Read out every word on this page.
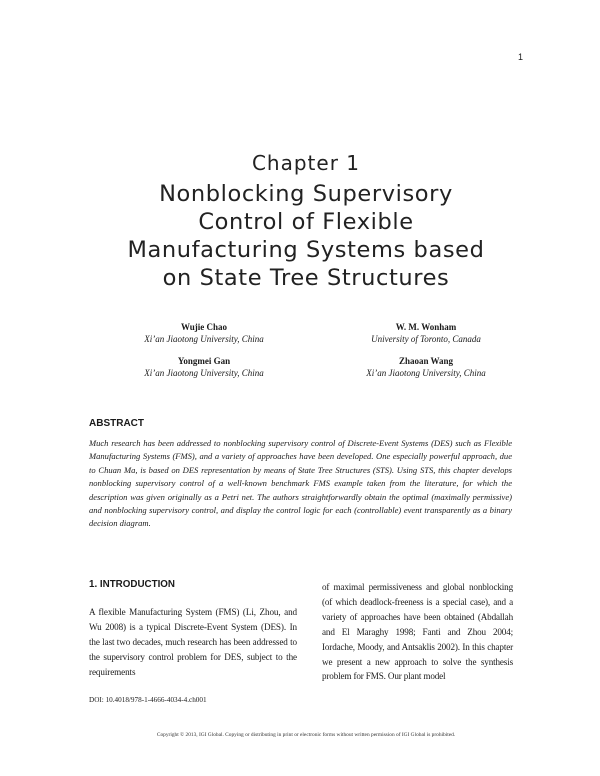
1
Chapter 1
Nonblocking Supervisory
Control of Flexible
Manufacturing Systems based
on State Tree Structures
Wujie Chao
Xi’an Jiaotong University, China
W. M. Wonham
University of Toronto, Canada
Yongmei Gan
Xi’an Jiaotong University, China
Zhaoan Wang
Xi’an Jiaotong University, China
ABSTRACT
Much research has been addressed to nonblocking supervisory control of Discrete-Event Systems (DES) such as Flexible Manufacturing Systems (FMS), and a variety of approaches have been developed. One especially powerful approach, due to Chuan Ma, is based on DES representation by means of State Tree Structures (STS). Using STS, this chapter develops nonblocking supervisory control of a well-known benchmark FMS example taken from the literature, for which the description was given originally as a Petri net. The authors straightforwardly obtain the optimal (maximally permissive) and nonblocking supervisory control, and display the control logic for each (controllable) event transparently as a binary decision diagram.
1. INTRODUCTION
A flexible Manufacturing System (FMS) (Li, Zhou, and Wu 2008) is a typical Discrete-Event System (DES). In the last two decades, much research has been addressed to the supervisory control problem for DES, subject to the requirements
of maximal permissiveness and global nonblocking (of which deadlock-freeness is a special case), and a variety of approaches have been obtained (Abdallah and El Maraghy 1998; Fanti and Zhou 2004; Iordache, Moody, and Antsaklis 2002). In this chapter we present a new approach to solve the synthesis problem for FMS. Our plant model
DOI: 10.4018/978-1-4666-4034-4.ch001
Copyright © 2013, IGI Global. Copying or distributing in print or electronic forms without written permission of IGI Global is prohibited.
